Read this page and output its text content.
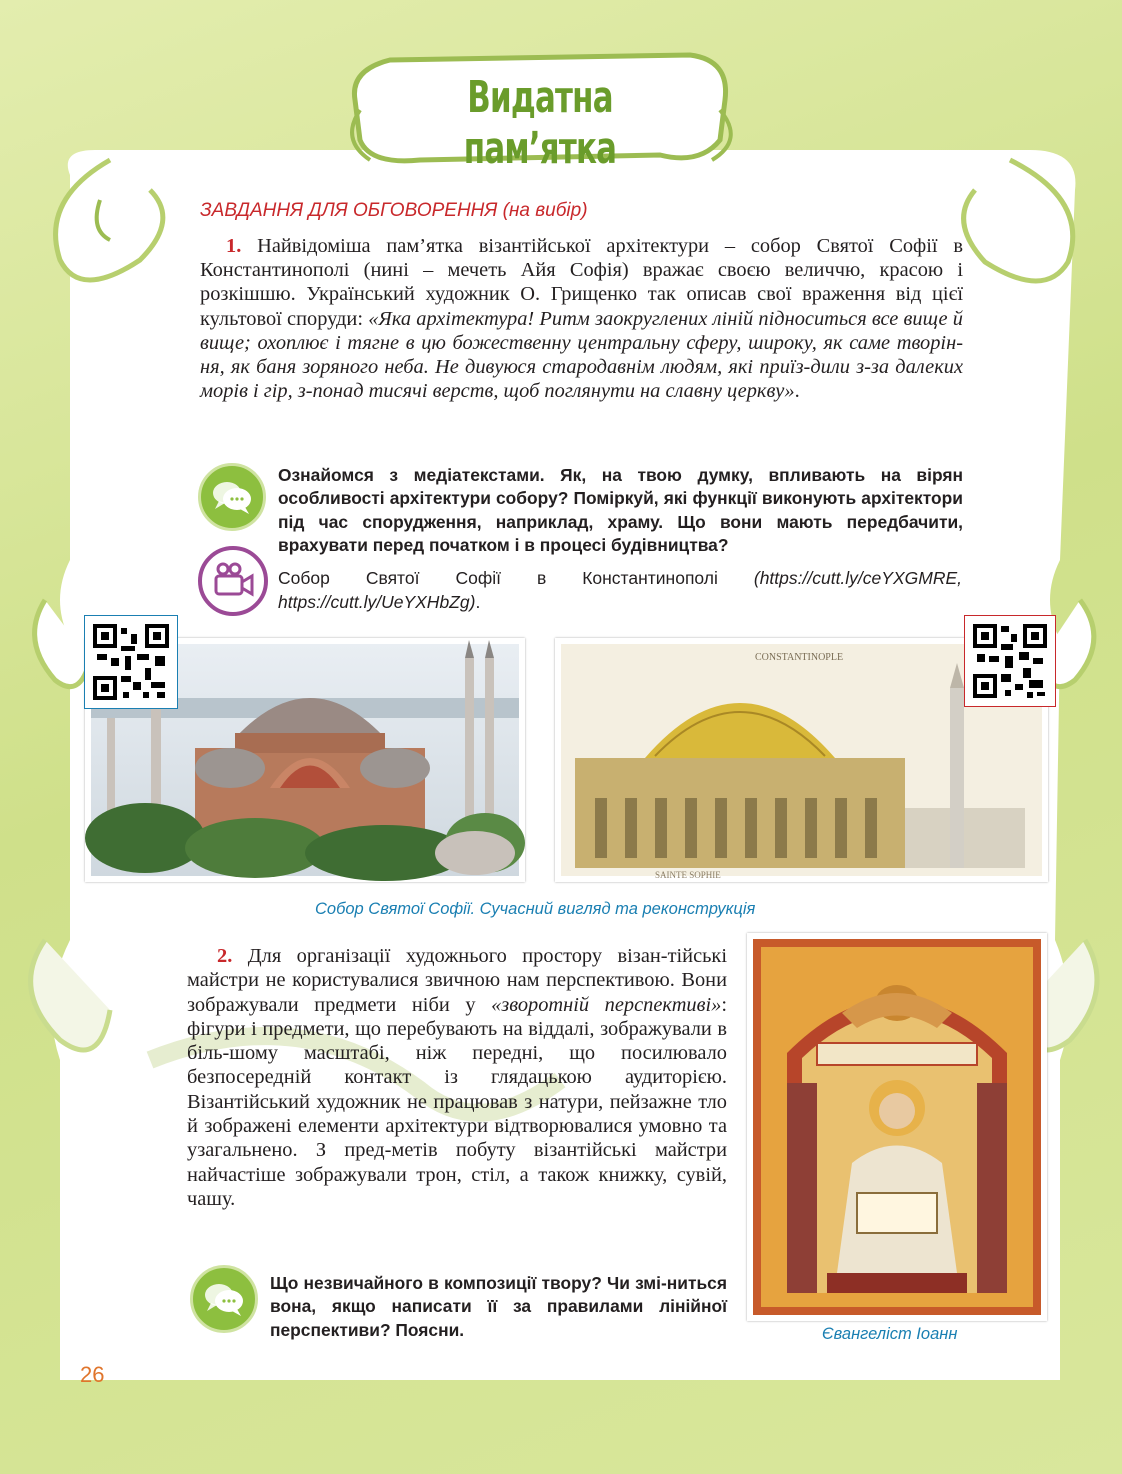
Видатна пам’ятка
ЗАВДАННЯ ДЛЯ ОБГОВОРЕННЯ (на вибір)
1. Найвідоміша пам’ятка візантійської архітектури – собор Святої Софії в Константинополі (нині – мечеть Айя Софія) вражає своєю величчю, красою і розкішшю. Український художник О. Грищенко так описав свої враження від цієї культової споруди: «Яка архітектура! Ритм заокруглених ліній підноситься все вище й вище; охоплює і тягне в цю божественну центральну сферу, широку, як саме творін-ня, як баня зоряного неба. Не дивуюся стародавнім людям, які приїз-дили з-за далеких морів і гір, з-понад тисячі верств, щоб поглянути на славну церкву».
Ознайомся з медіатекстами. Як, на твою думку, впливають на вірян особливості архітектури собору? Поміркуй, які функції виконують архітектори під час спорудження, наприклад, храму. Що вони мають передбачити, врахувати перед початком і в процесі будівництва?
Собор Святої Софії в Константинополі (https://cutt.ly/ceYXGMRE,
https://cutt.ly/UeYXHbZg).
CONSTANTINOPLE
SAINTE SOPHIE
Собор Святої Софії. Сучасний вигляд та реконструкція
2. Для організації художнього простору візан-тійські майстри не користувалися звичною нам перспективою. Вони зображували предмети ніби у «зворотній перспективі»: фігури і предмети, що перебувають на віддалі, зображували в біль-шому масштабі, ніж передні, що посилювало безпосередній контакт із глядацькою аудиторією. Візантійський художник не працював з натури, пейзажне тло й зображені елементи архітектури відтворювалися умовно та узагальнено. З пред-метів побуту візантійські майстри найчастіше зображували трон, стіл, а також книжку, сувій, чашу.
Що незвичайного в композиції твору? Чи змі-ниться вона, якщо написати її за правилами лінійної перспективи? Поясни.	Євангеліст Іоанн
26
